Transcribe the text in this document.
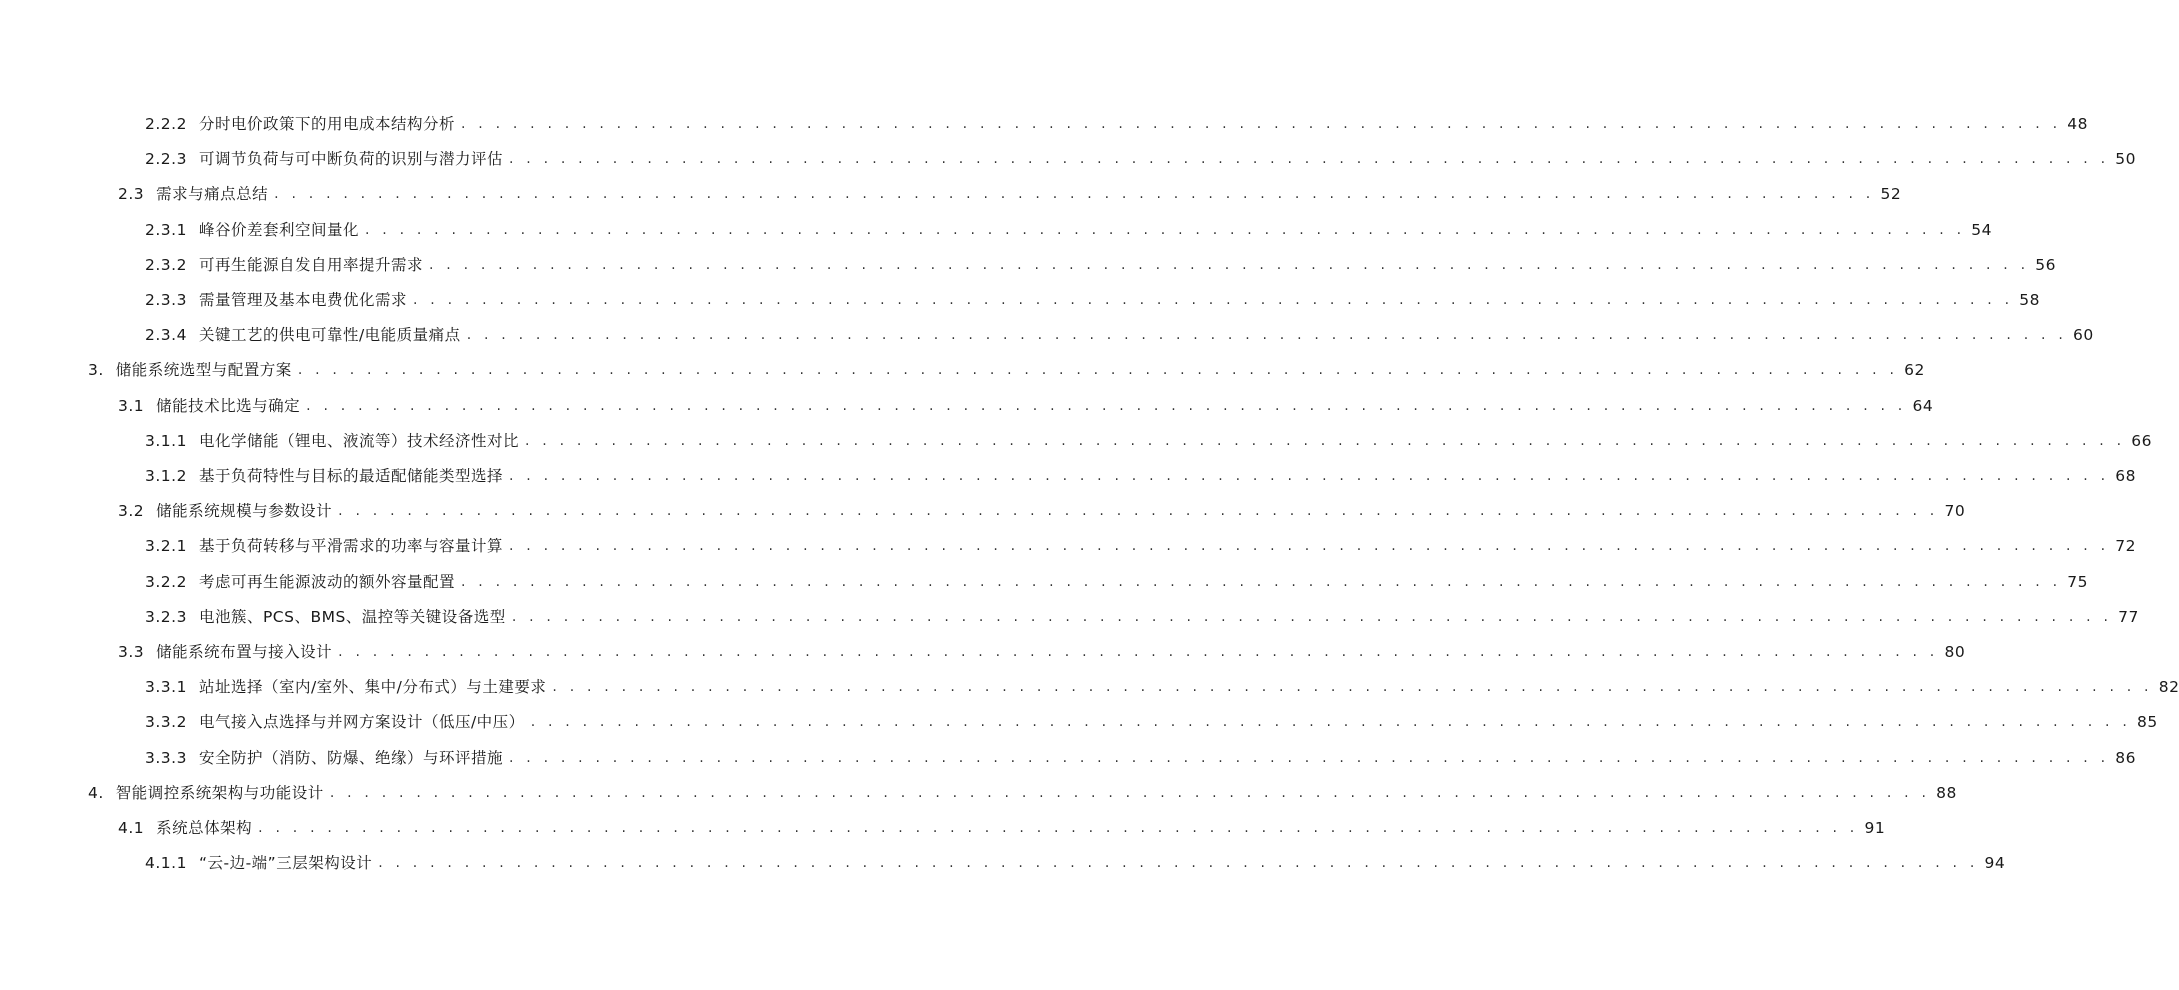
2.2.2 分时电价政策下的用电成本结构分析 . . . . . . . . . . . . . . . . . . . . . . . . . . . . . . . . . . . . . . . . . . . . . . . . . . . . . . . . . . . . . . . . . . . . . . . . . . . . . . . . . . . . . . . . . . . . . 48
2.2.3 可调节负荷与可中断负荷的识别与潜力评估 . . . . . . . . . . . . . . . . . . . . . . . . . . . . . . . . . . . . . . . . . . . . . . . . . . . . . . . . . . . . . . . . . . . . . . . . . . . . . . . . . . . . . . . . . . . . . 50
2.3 需求与痛点总结 . . . . . . . . . . . . . . . . . . . . . . . . . . . . . . . . . . . . . . . . . . . . . . . . . . . . . . . . . . . . . . . . . . . . . . . . . . . . . . . . . . . . . . . . . . . . . 52
2.3.1 峰谷价差套利空间量化 . . . . . . . . . . . . . . . . . . . . . . . . . . . . . . . . . . . . . . . . . . . . . . . . . . . . . . . . . . . . . . . . . . . . . . . . . . . . . . . . . . . . . . . . . . . . . 54
2.3.2 可再生能源自发自用率提升需求 . . . . . . . . . . . . . . . . . . . . . . . . . . . . . . . . . . . . . . . . . . . . . . . . . . . . . . . . . . . . . . . . . . . . . . . . . . . . . . . . . . . . . . . . . . . . . 56
2.3.3 需量管理及基本电费优化需求 . . . . . . . . . . . . . . . . . . . . . . . . . . . . . . . . . . . . . . . . . . . . . . . . . . . . . . . . . . . . . . . . . . . . . . . . . . . . . . . . . . . . . . . . . . . . . 58
2.3.4 关键工艺的供电可靠性/电能质量痛点 . . . . . . . . . . . . . . . . . . . . . . . . . . . . . . . . . . . . . . . . . . . . . . . . . . . . . . . . . . . . . . . . . . . . . . . . . . . . . . . . . . . . . . . . . . . . . 60
3. 储能系统选型与配置方案 . . . . . . . . . . . . . . . . . . . . . . . . . . . . . . . . . . . . . . . . . . . . . . . . . . . . . . . . . . . . . . . . . . . . . . . . . . . . . . . . . . . . . . . . . . . . . 62
3.1 储能技术比选与确定 . . . . . . . . . . . . . . . . . . . . . . . . . . . . . . . . . . . . . . . . . . . . . . . . . . . . . . . . . . . . . . . . . . . . . . . . . . . . . . . . . . . . . . . . . . . . . 64
3.1.1 电化学储能（锂电、液流等）技术经济性对比 . . . . . . . . . . . . . . . . . . . . . . . . . . . . . . . . . . . . . . . . . . . . . . . . . . . . . . . . . . . . . . . . . . . . . . . . . . . . . . . . . . . . . . . . . . . . . 66
3.1.2 基于负荷特性与目标的最适配储能类型选择 . . . . . . . . . . . . . . . . . . . . . . . . . . . . . . . . . . . . . . . . . . . . . . . . . . . . . . . . . . . . . . . . . . . . . . . . . . . . . . . . . . . . . . . . . . . . . 68
3.2 储能系统规模与参数设计 . . . . . . . . . . . . . . . . . . . . . . . . . . . . . . . . . . . . . . . . . . . . . . . . . . . . . . . . . . . . . . . . . . . . . . . . . . . . . . . . . . . . . . . . . . . . . 70
3.2.1 基于负荷转移与平滑需求的功率与容量计算 . . . . . . . . . . . . . . . . . . . . . . . . . . . . . . . . . . . . . . . . . . . . . . . . . . . . . . . . . . . . . . . . . . . . . . . . . . . . . . . . . . . . . . . . . . . . . 72
3.2.2 考虑可再生能源波动的额外容量配置 . . . . . . . . . . . . . . . . . . . . . . . . . . . . . . . . . . . . . . . . . . . . . . . . . . . . . . . . . . . . . . . . . . . . . . . . . . . . . . . . . . . . . . . . . . . . . 75
3.2.3 电池簇、PCS、BMS、温控等关键设备选型 . . . . . . . . . . . . . . . . . . . . . . . . . . . . . . . . . . . . . . . . . . . . . . . . . . . . . . . . . . . . . . . . . . . . . . . . . . . . . . . . . . . . . . . . . . . . . 77
3.3 储能系统布置与接入设计 . . . . . . . . . . . . . . . . . . . . . . . . . . . . . . . . . . . . . . . . . . . . . . . . . . . . . . . . . . . . . . . . . . . . . . . . . . . . . . . . . . . . . . . . . . . . . 80
3.3.1 站址选择（室内/室外、集中/分布式）与土建要求 . . . . . . . . . . . . . . . . . . . . . . . . . . . . . . . . . . . . . . . . . . . . . . . . . . . . . . . . . . . . . . . . . . . . . . . . . . . . . . . . . . . . . . . . . . . . . 82
3.3.2 电气接入点选择与并网方案设计（低压/中压） . . . . . . . . . . . . . . . . . . . . . . . . . . . . . . . . . . . . . . . . . . . . . . . . . . . . . . . . . . . . . . . . . . . . . . . . . . . . . . . . . . . . . . . . . . . . . 85
3.3.3 安全防护（消防、防爆、绝缘）与环评措施 . . . . . . . . . . . . . . . . . . . . . . . . . . . . . . . . . . . . . . . . . . . . . . . . . . . . . . . . . . . . . . . . . . . . . . . . . . . . . . . . . . . . . . . . . . . . . 86
4. 智能调控系统架构与功能设计 . . . . . . . . . . . . . . . . . . . . . . . . . . . . . . . . . . . . . . . . . . . . . . . . . . . . . . . . . . . . . . . . . . . . . . . . . . . . . . . . . . . . . . . . . . . . . 88
4.1 系统总体架构 . . . . . . . . . . . . . . . . . . . . . . . . . . . . . . . . . . . . . . . . . . . . . . . . . . . . . . . . . . . . . . . . . . . . . . . . . . . . . . . . . . . . . . . . . . . . . 91
4.1.1 “云-边-端”三层架构设计 . . . . . . . . . . . . . . . . . . . . . . . . . . . . . . . . . . . . . . . . . . . . . . . . . . . . . . . . . . . . . . . . . . . . . . . . . . . . . . . . . . . . . . . . . . . . . 94
